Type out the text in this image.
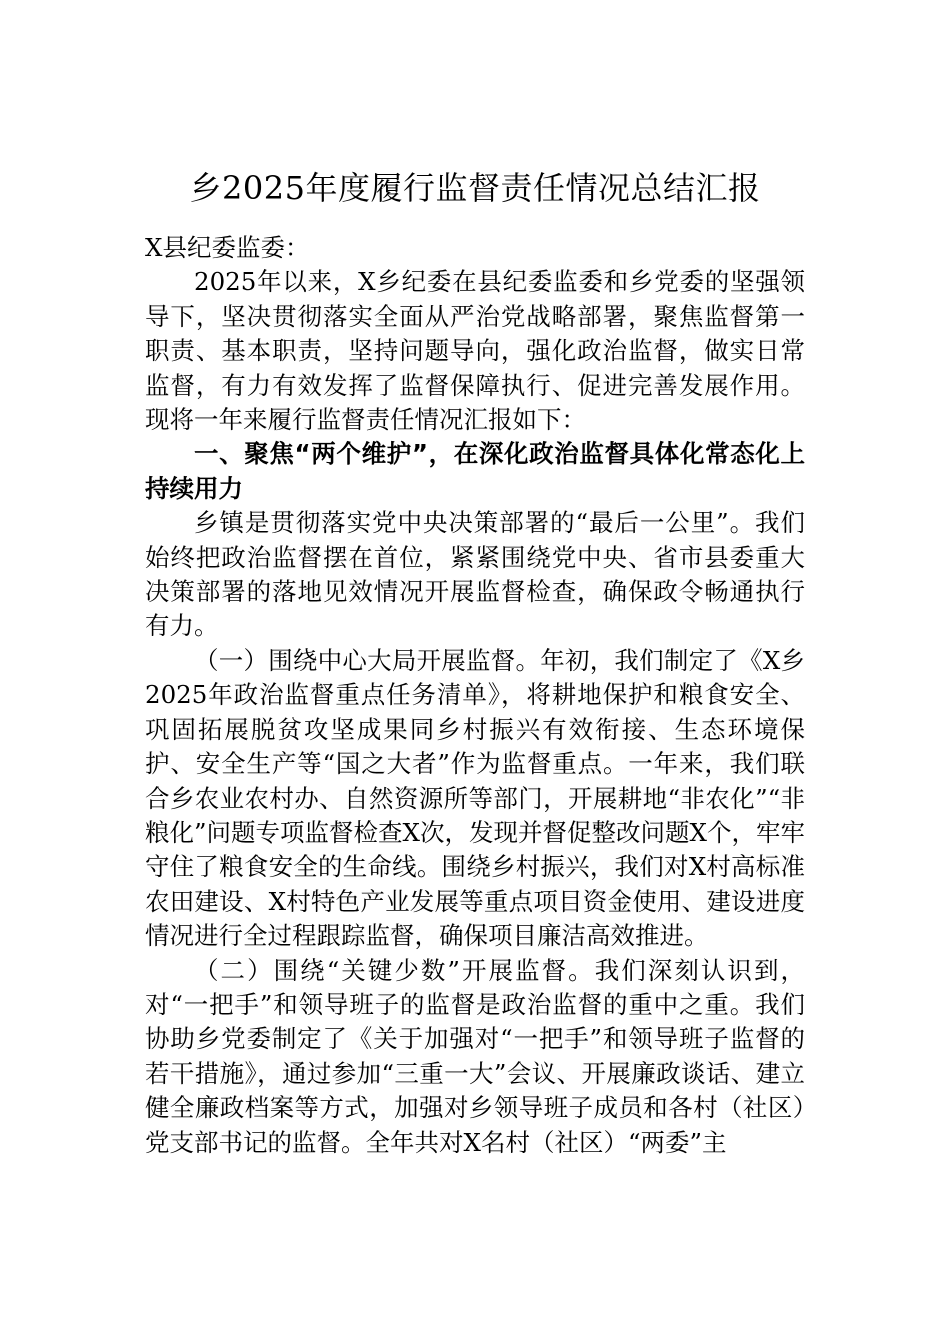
乡2025年度履行监督责任情况总结汇报

X县纪委监委：

2025年以来，X乡纪委在县纪委监委和乡党委的坚强领导下，坚决贯彻落实全面从严治党战略部署，聚焦监督第一职责、基本职责，坚持问题导向，强化政治监督，做实日常监督，有力有效发挥了监督保障执行、促进完善发展作用。现将一年来履行监督责任情况汇报如下：

一、聚焦“两个维护”，在深化政治监督具体化常态化上持续用力

乡镇是贯彻落实党中央决策部署的“最后一公里”。我们始终把政治监督摆在首位，紧紧围绕党中央、省市县委重大决策部署的落地见效情况开展监督检查，确保政令畅通执行有力。

（一）围绕中心大局开展监督。年初，我们制定了《X乡2025年政治监督重点任务清单》，将耕地保护和粮食安全、巩固拓展脱贫攻坚成果同乡村振兴有效衔接、生态环境保护、安全生产等“国之大者”作为监督重点。一年来，我们联合乡农业农村办、自然资源所等部门，开展耕地“非农化”“非粮化”问题专项监督检查X次，发现并督促整改问题X个，牢牢守住了粮食安全的生命线。围绕乡村振兴，我们对X村高标准农田建设、X村特色产业发展等重点项目资金使用、建设进度情况进行全过程跟踪监督，确保项目廉洁高效推进。

（二）围绕“关键少数”开展监督。我们深刻认识到，对“一把手”和领导班子的监督是政治监督的重中之重。我们协助乡党委制定了《关于加强对“一把手”和领导班子监督的若干措施》，通过参加“三重一大”会议、开展廉政谈话、建立健全廉政档案等方式，加强对乡领导班子成员和各村（社区）党支部书记的监督。全年共对X名村（社区）“两委”主
